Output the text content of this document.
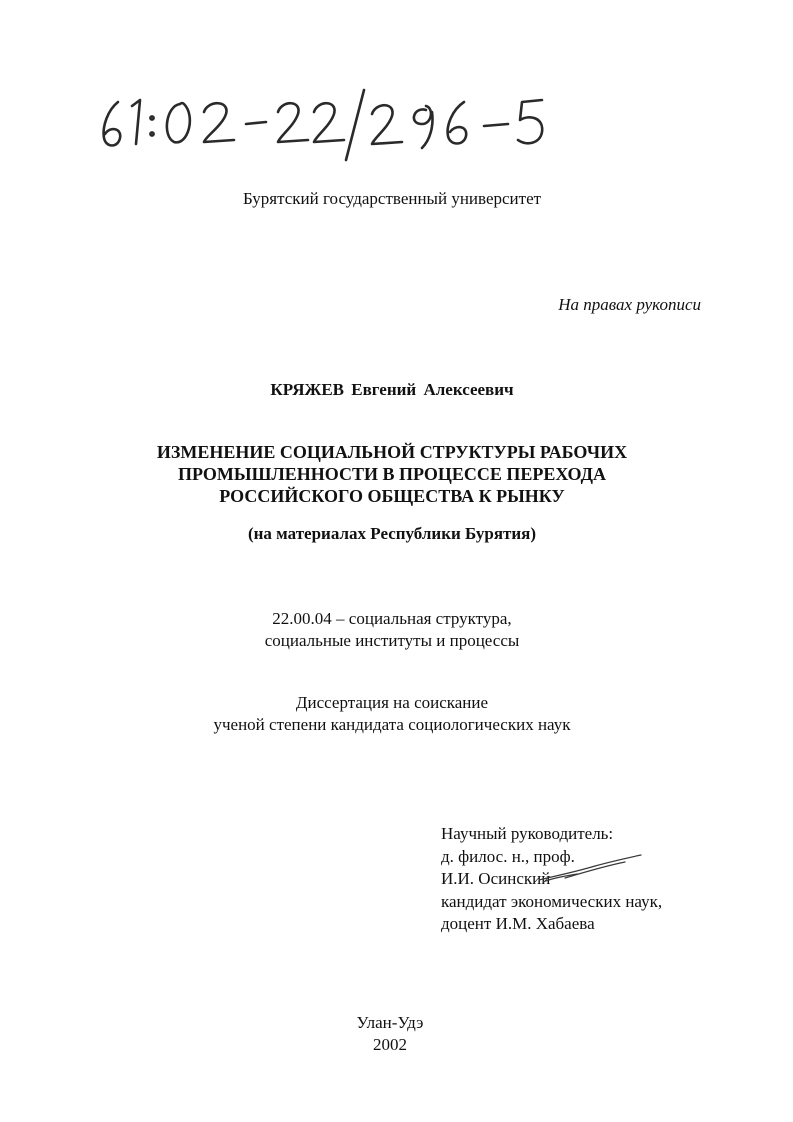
Бурятский государственный университет
На правах рукописи
КРЯЖЕВ Евгений Алексеевич
ИЗМЕНЕНИЕ СОЦИАЛЬНОЙ СТРУКТУРЫ РАБОЧИХ
ПРОМЫШЛЕННОСТИ В ПРОЦЕССЕ ПЕРЕХОДА
РОССИЙСКОГО ОБЩЕСТВА К РЫНКУ
(на материалах Республики Бурятия)
22.00.04 – социальная структура,
социальные институты и процессы
Диссертация на соискание
ученой степени кандидата социологических наук
Научный руководитель:
д. филос. н., проф.
И.И. Осинский
кандидат экономических наук,
доцент И.М. Хабаева
Улан-Удэ
2002
